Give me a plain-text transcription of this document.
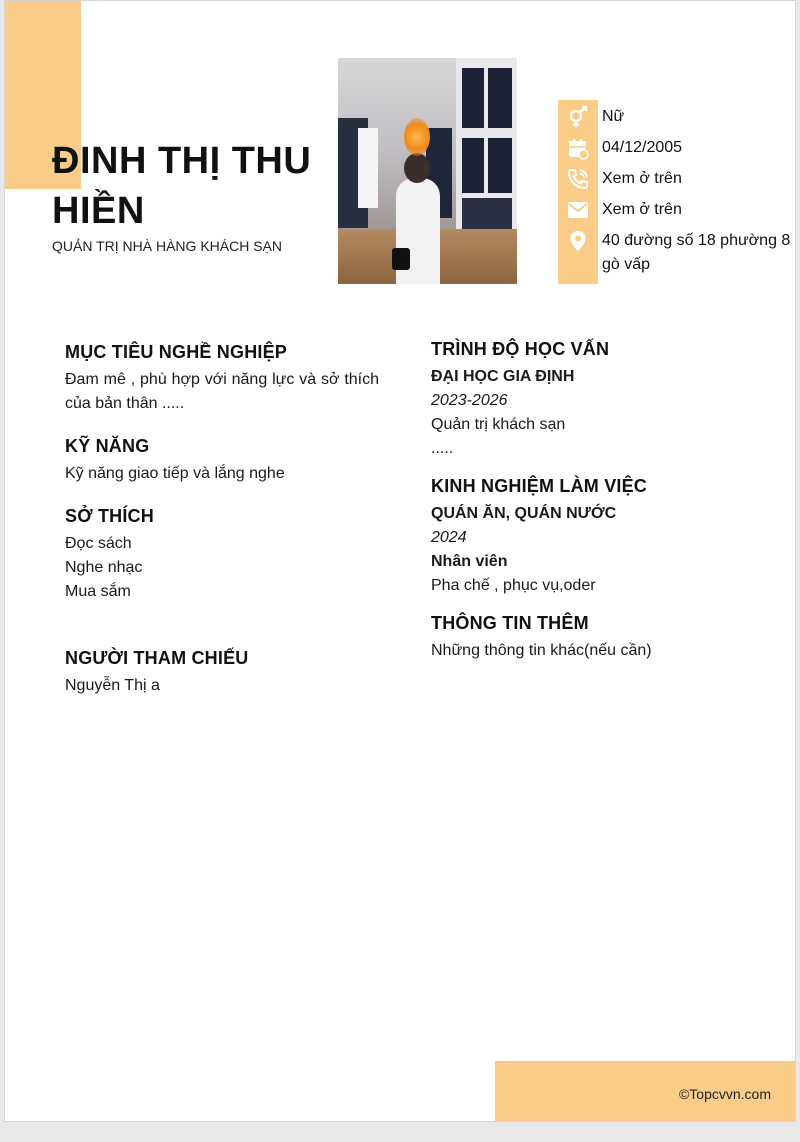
©Topcvvn.com
ĐINH THỊ THU HIỀN
QUẢN TRỊ NHÀ HÀNG KHÁCH SẠN
Nữ
04/12/2005
Xem ở trên
Xem ở trên
40 đường số 18 phường 8 gò vấp
MỤC TIÊU NGHỀ NGHIỆP
Đam mê , phù hợp với năng lực và sở thích của bản thân .....
KỸ NĂNG
Kỹ năng giao tiếp và lắng nghe
SỞ THÍCH
Đọc sách
Nghe nhạc
Mua sắm
NGƯỜI THAM CHIẾU
Nguyễn Thị a
TRÌNH ĐỘ HỌC VẤN
ĐẠI HỌC GIA ĐỊNH
2023-2026
Quản trị khách sạn
.....
KINH NGHIỆM LÀM VIỆC
QUÁN ĂN, QUÁN NƯỚC
2024
Nhân viên
Pha chế , phục vụ,oder
THÔNG TIN THÊM
Những thông tin khác(nếu cần)
